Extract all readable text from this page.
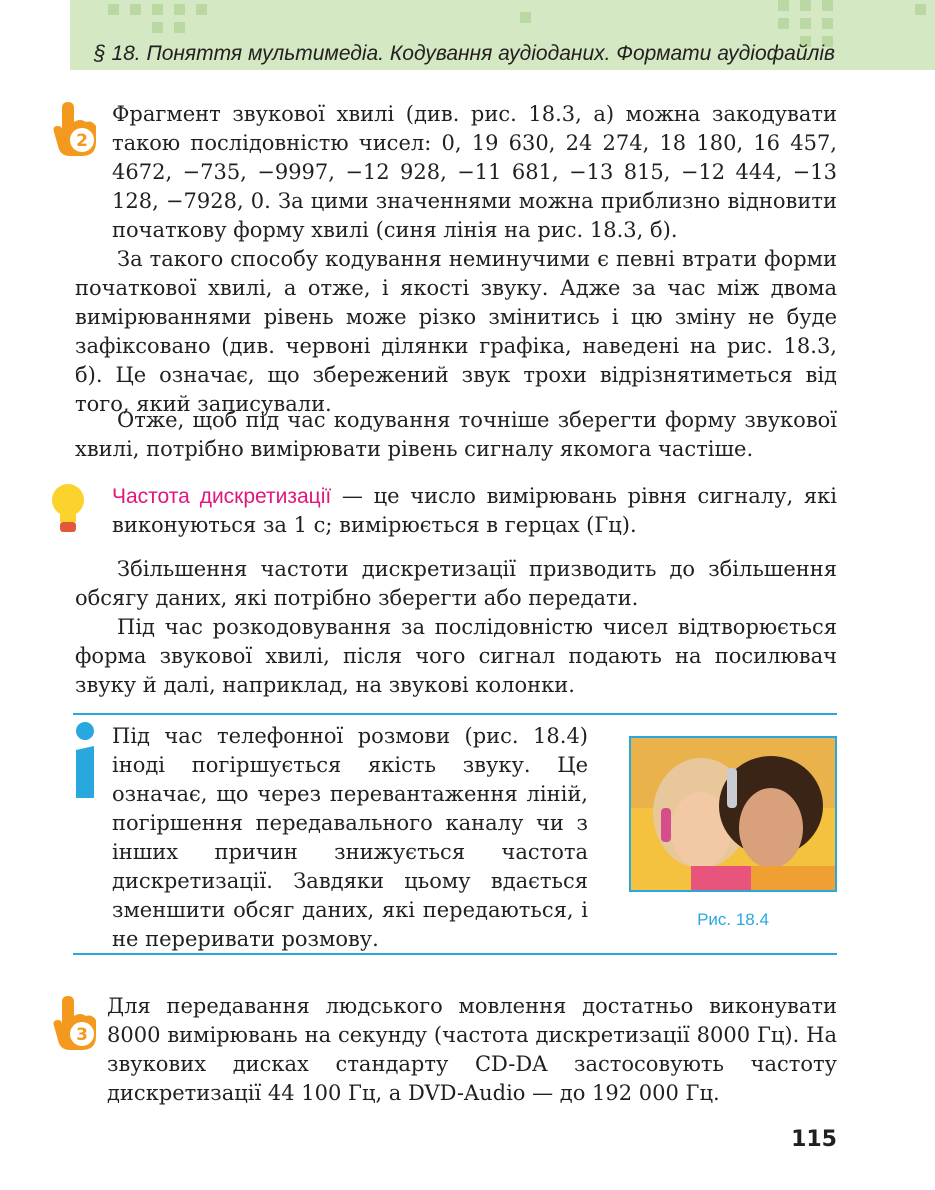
§ 18. Поняття мультимедіа. Кодування аудіоданих. Формати аудіофайлів
2

Фрагмент звукової хвилі (див. рис. 18.3, а) можна закодувати такою послідовністю чисел: 0, 19 630, 24 274, 18 180, 16 457, 4672, −735, −9997, −12 928, −11 681, −13 815, −12 444, −13 128, −7928, 0. За цими значеннями можна приблизно відновити початкову форму хвилі (синя лінія на рис. 18.3, б).

За такого способу кодування неминучими є певні втрати форми початкової хвилі, а отже, і якості звуку. Адже за час між двома вимірюваннями рівень може різко змінитись і цю зміну не буде зафіксовано (див. червоні ділянки графіка, наведені на рис. 18.3, б). Це означає, що збережений звук трохи відрізнятиметься від того, який записували.

Отже, щоб під час кодування точніше зберегти форму звукової хвилі, потрібно вимірювати рівень сигналу якомога частіше.

Частота дискретизації — це число вимірювань рівня сигналу, які виконуються за 1 с; вимірюється в герцах (Гц).

Збільшення частоти дискретизації призводить до збільшення обсягу даних, які потрібно зберегти або передати.

Під час розкодовування за послідовністю чисел відтворюється форма звукової хвилі, після чого сигнал подають на посилювач звуку й далі, наприклад, на звукові колонки.

Під час телефонної розмови (рис. 18.4) іноді погіршується якість звуку. Це означає, що через перевантаження ліній, погіршення передавального каналу чи з інших причин знижується частота дискретизації. Завдяки цьому вдається зменшити обсяг даних, які передаються, і не переривати розмову.

Рис. 18.4
3

Для передавання людського мовлення достатньо виконувати 8000 вимірювань на секунду (частота дискретизації 8000 Гц). На звукових дисках стандарту CD-DA застосовують частоту дискретизації 44 100 Гц, а DVD-Audio — до 192 000 Гц.

115
